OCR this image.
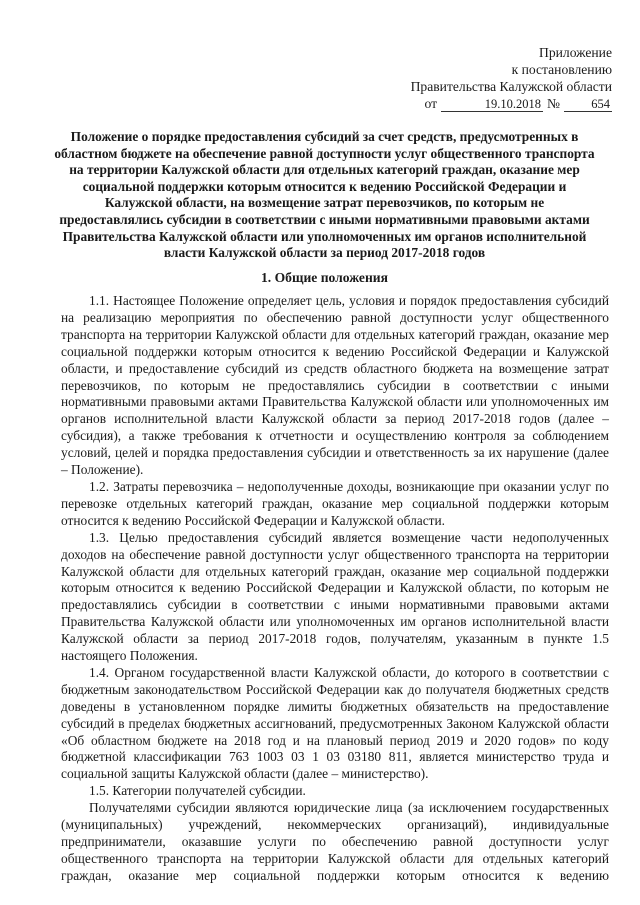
Приложение
к постановлению
Правительства Калужской области
от	19.10.2018 №	654
Положение о порядке предоставления субсидий за счет средств, предусмотренных в областном бюджете на обеспечение равной доступности услуг общественного транспорта на территории Калужской области для отдельных категорий граждан, оказание мер социальной поддержки которым относится к ведению Российской Федерации и Калужской области, на возмещение затрат перевозчиков, по которым не предоставлялись субсидии в соответствии с иными нормативными правовыми актами Правительства Калужской области или уполномоченных им органов исполнительной власти Калужской области за период 2017-2018 годов
1. Общие положения

1.1. Настоящее Положение определяет цель, условия и порядок предоставления субсидий на реализацию мероприятия по обеспечению равной доступности услуг общественного транспорта на территории Калужской области для отдельных категорий граждан, оказание мер социальной поддержки которым относится к ведению Российской Федерации и Калужской области, и предоставление субсидий из средств областного бюджета на возмещение затрат перевозчиков, по которым не предоставлялись субсидии в соответствии с иными нормативными правовыми актами Правительства Калужской области или уполномоченных им органов исполнительной власти Калужской области за период 2017-2018 годов (далее – субсидия), а также требования к отчетности и осуществлению контроля за соблюдением условий, целей и порядка предоставления субсидии и ответственность за их нарушение (далее – Положение).

1.2. Затраты перевозчика – недополученные доходы, возникающие при оказании услуг по перевозке отдельных категорий граждан, оказание мер социальной поддержки которым относится к ведению Российской Федерации и Калужской области.

1.3. Целью предоставления субсидий является возмещение части недополученных доходов на обеспечение равной доступности услуг общественного транспорта на территории Калужской области для отдельных категорий граждан, оказание мер социальной поддержки которым относится к ведению Российской Федерации и Калужской области, по которым не предоставлялись субсидии в соответствии с иными нормативными правовыми актами Правительства Калужской области или уполномоченных им органов исполнительной власти Калужской области за период 2017-2018 годов, получателям, указанным в пункте 1.5 настоящего Положения.

1.4. Органом государственной власти Калужской области, до которого в соответствии с бюджетным законодательством Российской Федерации как до получателя бюджетных средств доведены в установленном порядке лимиты бюджетных обязательств на предоставление субсидий в пределах бюджетных ассигнований, предусмотренных Законом Калужской области «Об областном бюджете на 2018 год и на плановый период 2019 и 2020 годов» по коду бюджетной классификации 763 1003 03 1 03 03180 811, является министерство труда и социальной защиты Калужской области (далее – министерство).

1.5. Категории получателей субсидии.

Получателями субсидии являются юридические лица (за исключением государственных (муниципальных) учреждений, некоммерческих организаций), индивидуальные предприниматели, оказавшие услуги по обеспечению равной доступности услуг общественного транспорта на территории Калужской области для отдельных категорий граждан, оказание мер социальной поддержки которым относится к ведению
